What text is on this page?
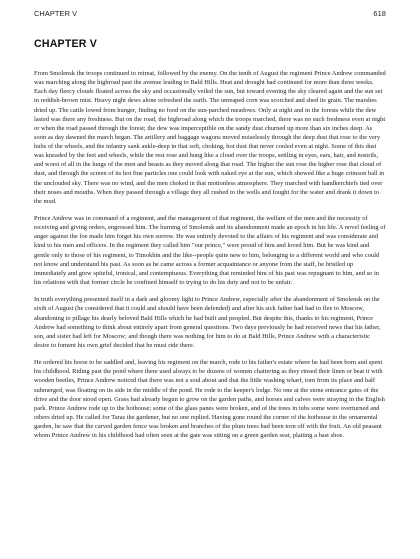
CHAPTER V	618
CHAPTER V

From Smolensk the troops continued to retreat, followed by the enemy. On the tenth of August the regiment Prince Andrew commanded was marching along the highroad past the avenue leading to Bald Hills. Heat and drought had continued for more than three weeks. Each day fleecy clouds floated across the sky and occasionally veiled the sun, but toward evening the sky cleared again and the sun set in reddish-brown mist. Heavy night dews alone refreshed the earth. The unreaped corn was scorched and shed its grain. The marshes dried up. The cattle lowed from hunger, finding no food on the sun-parched meadows. Only at night and in the forests while the dew lasted was there any freshness. But on the road, the highroad along which the troops marched, there was no such freshness even at night or when the road passed through the forest; the dew was imperceptible on the sandy dust churned up more than six inches deep. As soon as day dawned the march began. The artillery and baggage wagons moved noiselessly through the deep dust that rose to the very hubs of the wheels, and the infantry sank ankle-deep in that soft, choking, hot dust that never cooled even at night. Some of this dust was kneaded by the feet and wheels, while the rest rose and hung like a cloud over the troops, settling in eyes, ears, hair, and nostrils, and worst of all in the lungs of the men and beasts as they moved along that road. The higher the sun rose the higher rose that cloud of dust, and through the screen of its hot fine particles one could look with naked eye at the sun, which showed like a huge crimson ball in the unclouded sky. There was no wind, and the men choked in that motionless atmosphere. They marched with handkerchiefs tied over their noses and mouths. When they passed through a village they all rushed to the wells and fought for the water and drank it down to the mud.

Prince Andrew was in command of a regiment, and the management of that regiment, the welfare of the men and the necessity of receiving and giving orders, engrossed him. The burning of Smolensk and its abandonment made an epoch in his life. A novel feeling of anger against the foe made him forget his own sorrow. He was entirely devoted to the affairs of his regiment and was considerate and kind to his men and officers. In the regiment they called him "our prince," were proud of him and loved him. But he was kind and gentle only to those of his regiment, to Timokhin and the like--people quite new to him, belonging to a different world and who could not know and understand his past. As soon as he came across a former acquaintance or anyone from the staff, he bristled up immediately and grew spiteful, ironical, and contemptuous. Everything that reminded him of his past was repugnant to him, and so in his relations with that former circle he confined himself to trying to do his duty and not to be unfair.

In truth everything presented itself in a dark and gloomy light to Prince Andrew, especially after the abandonment of Smolensk on the sixth of August (he considered that it could and should have been defended) and after his sick father had had to flee to Moscow, abandoning to pillage his dearly beloved Bald Hills which he had built and peopled. But despite this, thanks to his regiment, Prince Andrew had something to think about entirely apart from general questions. Two days previously he had received news that his father, son, and sister had left for Moscow; and though there was nothing for him to do at Bald Hills, Prince Andrew with a characteristic desire to foment his own grief decided that he must ride there.

He ordered his horse to be saddled and, leaving his regiment on the march, rode to his father's estate where he had been born and spent his childhood. Riding past the pond where there used always to be dozens of women chattering as they rinsed their linen or beat it with wooden beetles, Prince Andrew noticed that there was not a soul about and that the little washing wharf, torn from its place and half submerged, was floating on its side in the middle of the pond. He rode to the keeper's lodge. No one at the stone entrance gates of the drive and the door stood open. Grass had already begun to grow on the garden paths, and horses and calves were straying in the English park. Prince Andrew rode up to the hothouse; some of the glass panes were broken, and of the trees in tubs some were overturned and others dried up. He called for Taras the gardener, but no one replied. Having gone round the corner of the hothouse to the ornamental garden, he saw that the carved garden fence was broken and branches of the plum trees had been torn off with the fruit. An old peasant whom Prince Andrew in his childhood had often seen at the gate was sitting on a green garden seat, plaiting a bast shoe.
